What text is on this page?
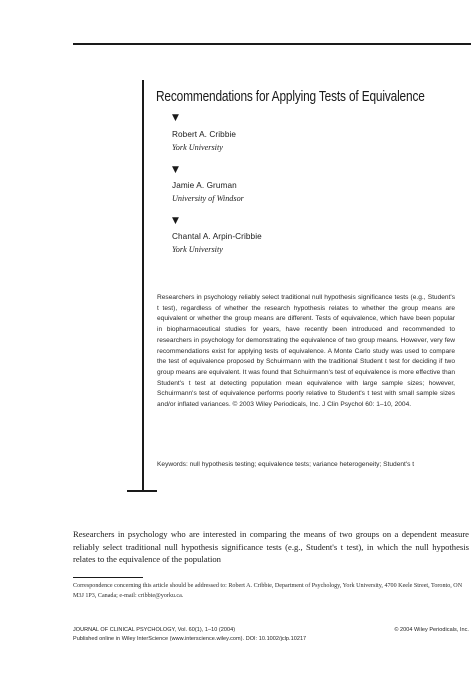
Recommendations for Applying Tests of Equivalence
▼
Robert A. Cribbie
York University
▼
Jamie A. Gruman
University of Windsor
▼
Chantal A. Arpin-Cribbie
York University
Researchers in psychology reliably select traditional null hypothesis significance tests (e.g., Student's t test), regardless of whether the research hypothesis relates to whether the group means are equivalent or whether the group means are different. Tests of equivalence, which have been popular in biopharmaceutical studies for years, have recently been introduced and recommended to researchers in psychology for demonstrating the equivalence of two group means. However, very few recommendations exist for applying tests of equivalence. A Monte Carlo study was used to compare the test of equivalence proposed by Schuirmann with the traditional Student t test for deciding if two group means are equivalent. It was found that Schuirmann's test of equivalence is more effective than Student's t test at detecting population mean equivalence with large sample sizes; however, Schuirmann's test of equivalence performs poorly relative to Student's t test with small sample sizes and/or inflated variances. © 2003 Wiley Periodicals, Inc. J Clin Psychol 60: 1–10, 2004.
Keywords: null hypothesis testing; equivalence tests; variance heterogeneity; Student's t
Researchers in psychology who are interested in comparing the means of two groups on a dependent measure reliably select traditional null hypothesis significance tests (e.g., Student's t test), in which the null hypothesis relates to the equivalence of the population
Correspondence concerning this article should be addressed to: Robert A. Cribbie, Department of Psychology, York University, 4700 Keele Street, Toronto, ON M3J 1P3, Canada; e-mail: cribbie@yorku.ca.
JOURNAL OF CLINICAL PSYCHOLOGY, Vol. 60(1), 1–10 (2004)	© 2004 Wiley Periodicals, Inc.
Published online in Wiley InterScience (www.interscience.wiley.com). DOI: 10.1002/jclp.10217
